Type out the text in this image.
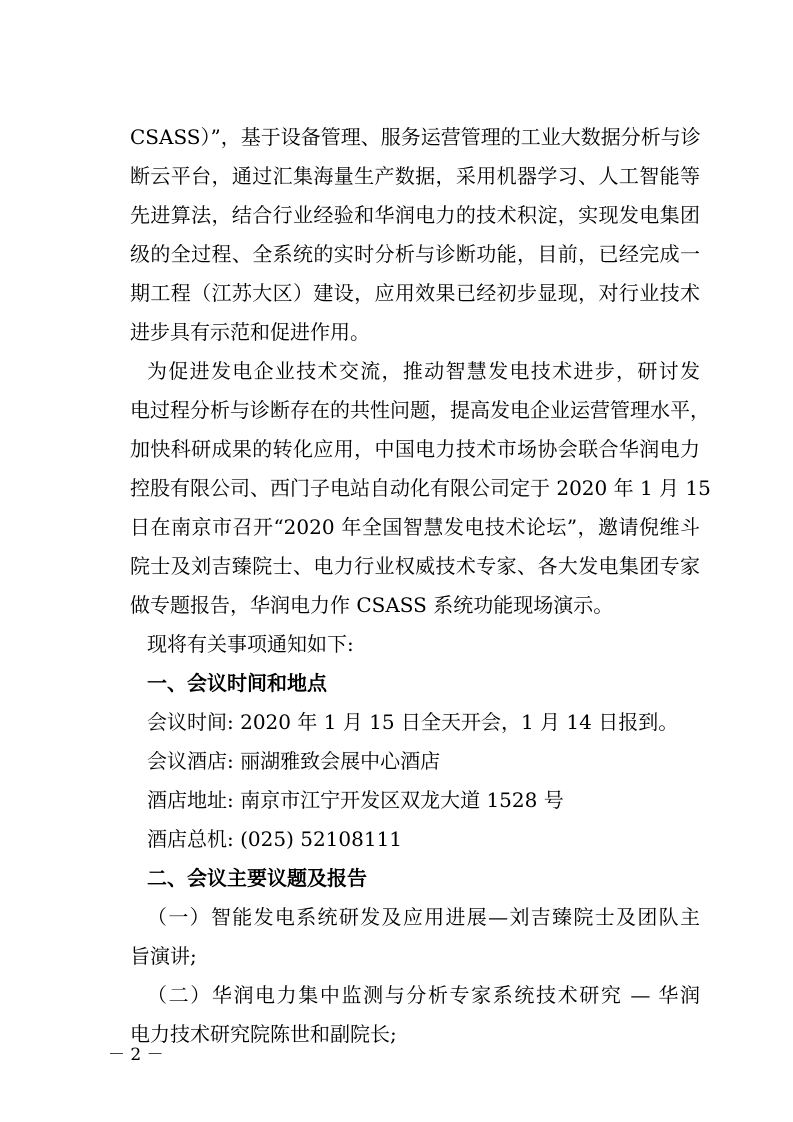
CSASS）”，基于设备管理、服务运营管理的工业大数据分析与诊
断云平台，通过汇集海量生产数据，采用机器学习、人工智能等
先进算法，结合行业经验和华润电力的技术积淀，实现发电集团
级的全过程、全系统的实时分析与诊断功能，目前，已经完成一
期工程（江苏大区）建设，应用效果已经初步显现，对行业技术
进步具有示范和促进作用。
为促进发电企业技术交流，推动智慧发电技术进步，研讨发
电过程分析与诊断存在的共性问题，提高发电企业运营管理水平，
加快科研成果的转化应用，中国电力技术市场协会联合华润电力
控股有限公司、西门子电站自动化有限公司定于 2020 年 1 月 15
日在南京市召开“2020 年全国智慧发电技术论坛”，邀请倪维斗
院士及刘吉臻院士、电力行业权威技术专家、各大发电集团专家
做专题报告，华润电力作 CSASS 系统功能现场演示。
现将有关事项通知如下:
一、会议时间和地点
会议时间: 2020 年 1 月 15 日全天开会，1 月 14 日报到。
会议酒店: 丽湖雅致会展中心酒店
酒店地址: 南京市江宁开发区双龙大道 1528 号
酒店总机: (025) 52108111
二、会议主要议题及报告
（一）智能发电系统研发及应用进展—刘吉臻院士及团队主
旨演讲;
（二）华润电力集中监测与分析专家系统技术研究 — 华润
电力技术研究院陈世和副院长;
－ 2 －
